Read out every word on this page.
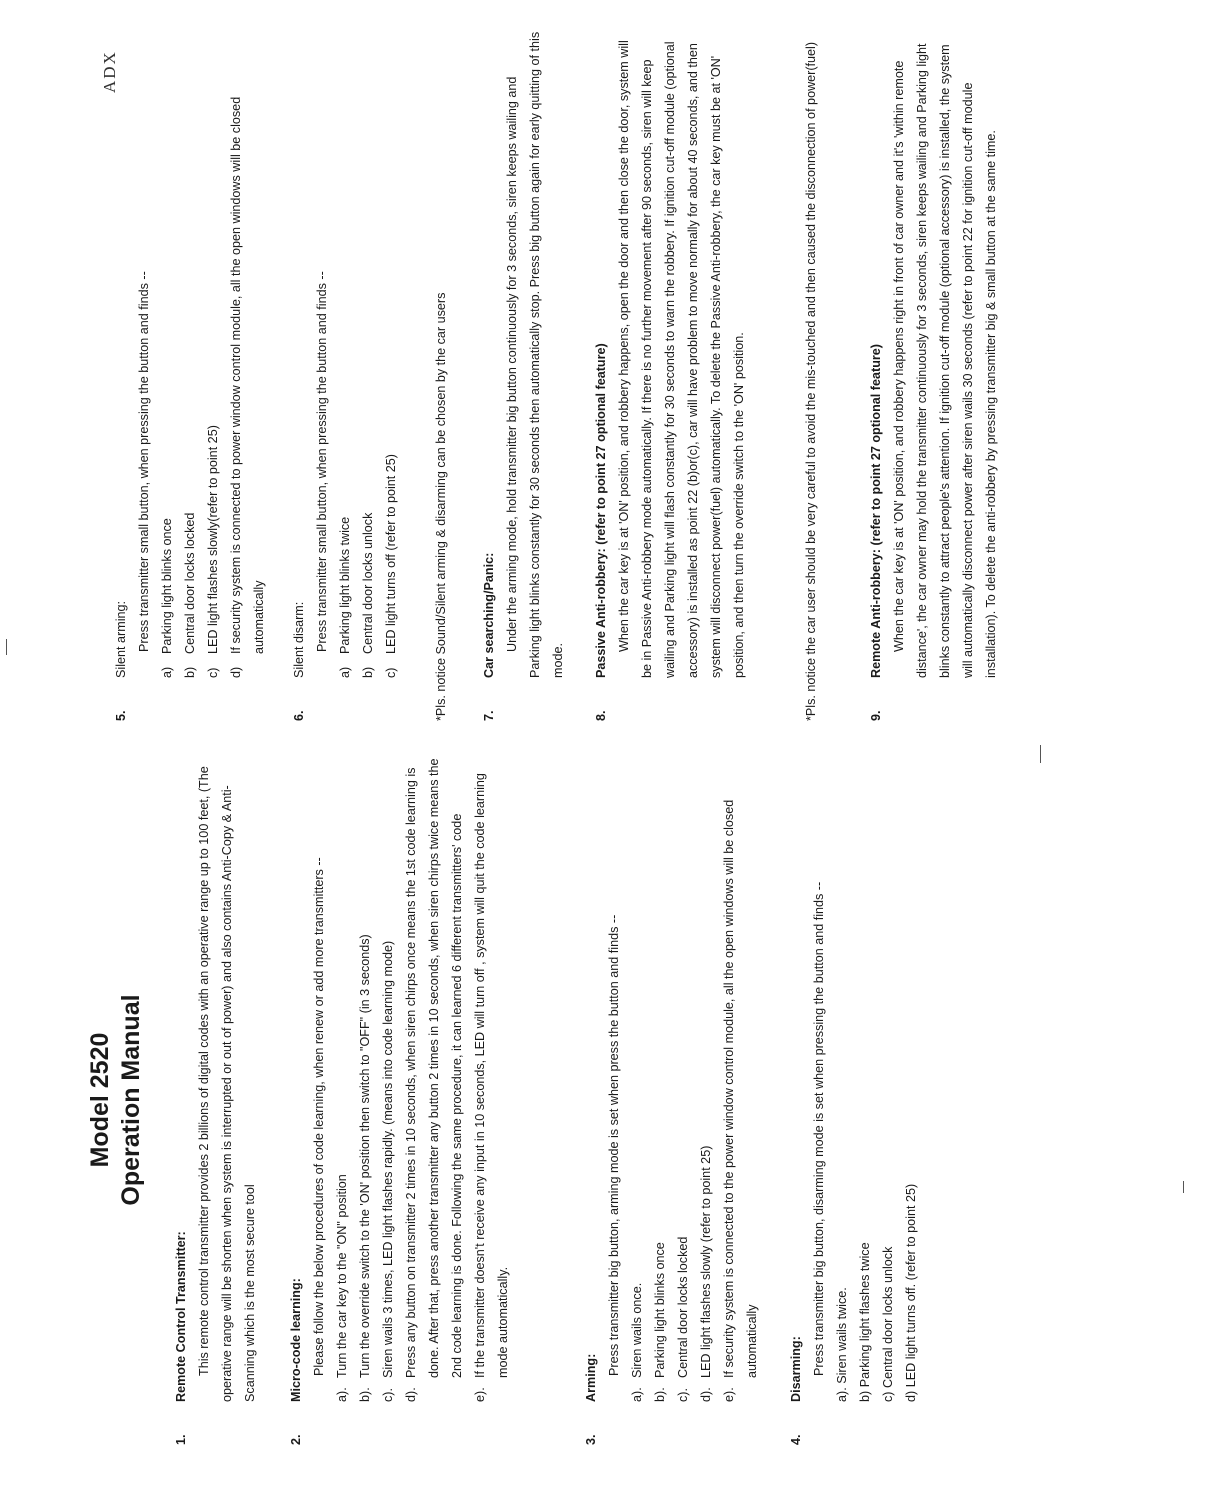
Model 2520 Operation Manual
1.
Remote Control Transmitter: This remote control transmitter provides 2 billions of digital codes with an operative range up to 100 feet, (The operative range will be shorten when system is interrupted or out of power) and also contains Anti-Copy & Anti-Scanning which is the most secure tool

2.
Micro-code learning: Please follow the below procedures of code learning, when renew or add more transmitters --

a).
Turn the car key to the "ON" position
b).
Turn the override switch to the 'ON' position then switch to "OFF" (in 3 seconds)
c).
Siren wails 3 times, LED light flashes rapidly. (means into code learning mode)
d).
Press any button on transmitter 2 times in 10 seconds, when siren chirps once means the 1st code learning is done. After that, press another transmitter any button 2 times in 10 seconds, when siren chirps twice means the 2nd code learning is done. Following the same procedure, it can learned 6 different transmitters' code
e).
If the transmitter doesn't receive any input in 10 seconds, LED will turn off , system will quit the code learning mode automatically.
3.
Arming:

Press transmitter big button, arming mode is set when press the button and finds --

a).
Siren wails once.
b).
Parking light blinks once
c).
Central door locks locked
d).
LED light flashes slowly (refer to point 25)
e).
If security system is connected to the power window control module, all the open windows will be closed automatically
4.
Disarming: Press transmitter big button, disarming mode is set when pressing the button and finds -- a). Siren wails twice. b) Parking light flashes twice c) Central door locks unlock d) LED light turns off. (refer to point 25)
5.
Silent arming: Press transmitter small button, when pressing the button and finds --

a)
Parking light blinks once
b)
Central door locks locked
c)
LED light flashes slowly(refer to point 25)
d)
If security system is connected to power window control module, all the open windows will be closed automatically
6.
Silent disarm: Press transmitter small button, when pressing the button and finds --

a)
Parking light blinks twice
b)
Central door locks unlock
c)
LED light turns off (refer to point 25)	*Pls. notice Sound/Silent arming & disarming can be chosen by the car users	7.
Car searching/Panic: Under the arming mode, hold transmitter big button continuously for 3 seconds, siren keeps wailing and Parking light blinks constantly for 30 seconds then automatically stop. Press big button again for early quitting of this mode.

8.
Passive Anti-robbery: (refer to point 27 optional feature) When the car key is at 'ON' position, and robbery happens, open the door and then close the door, system will be in Passive Anti-robbery mode automatically. If there is no further movement after 90 seconds, siren will keep wailing and Parking light will flash constantly for 30 seconds to warn the robbery. If ignition cut-off module (optional accessory) is installed as point 22 (b)or(c), car will have problem to move normally for about 40 seconds, and then system will disconnect power(fuel) automatically. To delete the Passive Anti-robbery, the car key must be at 'ON' position, and then turn the override switch to the 'ON' position.	*Pls. notice the car user should be very careful to avoid the mis-touched and then caused the disconnection of power(fuel)	9.
Remote Anti-robbery: (refer to point 27 optional feature) When the car key is at 'ON' position, and robbery happens right in front of car owner and it's 'within remote distance', the car owner may hold the transmitter continuously for 3 seconds, siren keeps wailing and Parking light blinks constantly to attract people's attention. If ignition cut-off module (optional accessory) is installed, the system will automatically disconnect power after siren wails 30 seconds (refer to point 22 for ignition cut-off module installation). To delete the anti-robbery by pressing transmitter big & small button at the same time.

ADX
